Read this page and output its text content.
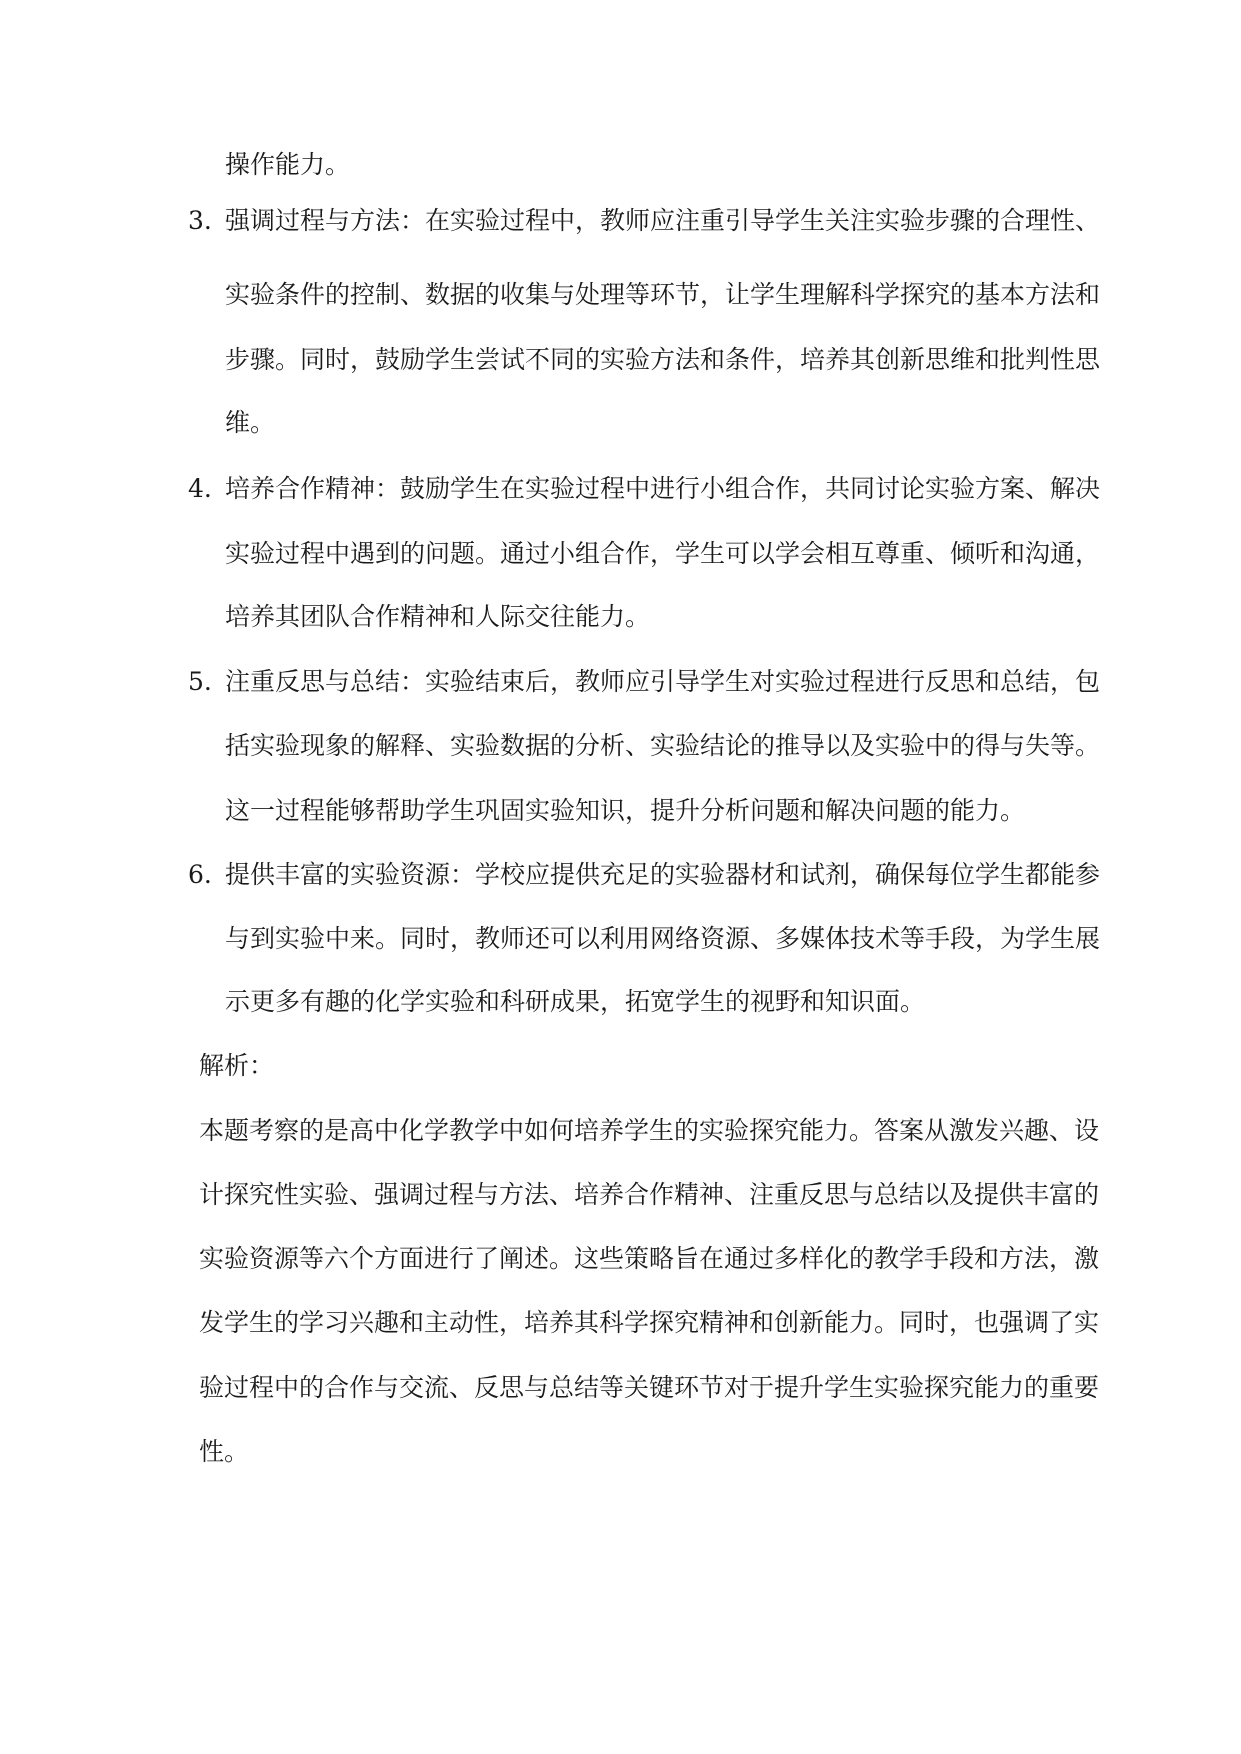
操作能力。
3. 强调过程与方法：在实验过程中，教师应注重引导学生关注实验步骤的合理性、
实验条件的控制、数据的收集与处理等环节，让学生理解科学探究的基本方法和
步骤。同时，鼓励学生尝试不同的实验方法和条件，培养其创新思维和批判性思
维。
4. 培养合作精神：鼓励学生在实验过程中进行小组合作，共同讨论实验方案、解决
实验过程中遇到的问题。通过小组合作，学生可以学会相互尊重、倾听和沟通，
培养其团队合作精神和人际交往能力。
5. 注重反思与总结：实验结束后，教师应引导学生对实验过程进行反思和总结，包
括实验现象的解释、实验数据的分析、实验结论的推导以及实验中的得与失等。
这一过程能够帮助学生巩固实验知识，提升分析问题和解决问题的能力。
6. 提供丰富的实验资源：学校应提供充足的实验器材和试剂，确保每位学生都能参
与到实验中来。同时，教师还可以利用网络资源、多媒体技术等手段，为学生展
示更多有趣的化学实验和科研成果，拓宽学生的视野和知识面。
解析：
本题考察的是高中化学教学中如何培养学生的实验探究能力。答案从激发兴趣、设
计探究性实验、强调过程与方法、培养合作精神、注重反思与总结以及提供丰富的
实验资源等六个方面进行了阐述。这些策略旨在通过多样化的教学手段和方法，激
发学生的学习兴趣和主动性，培养其科学探究精神和创新能力。同时，也强调了实
验过程中的合作与交流、反思与总结等关键环节对于提升学生实验探究能力的重要
性。
